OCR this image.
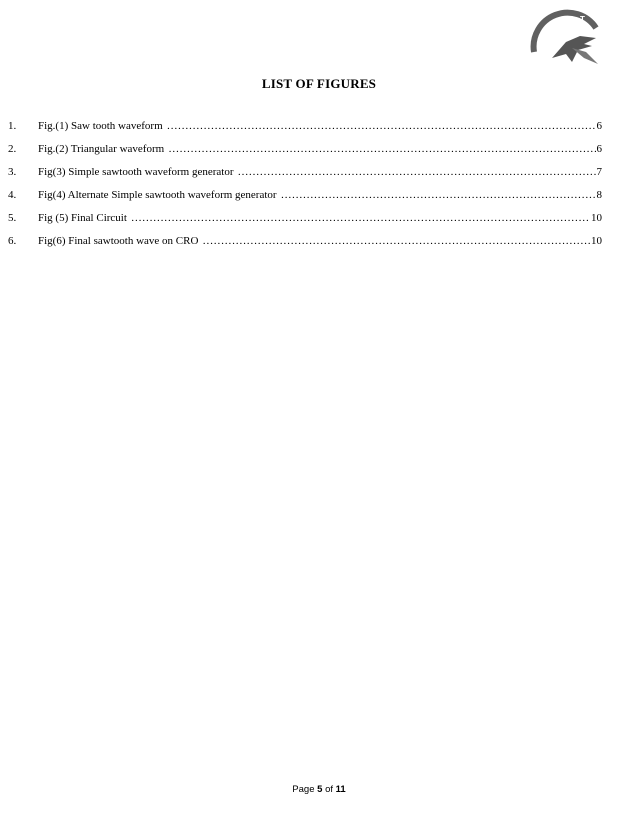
S
B
I T
LIST OF FIGURES
1.	Fig.(1) Saw tooth waveform ……………………………………………………………………………………………………………………………………………………………………………………	6
2.	Fig.(2) Triangular waveform ……………………………………………………………………………………………………………………………………………………………………………………	6
3.	Fig(3) Simple sawtooth waveform generator ……………………………………………………………………………………………………………………………………………………………………………………	7
4.	Fig(4) Alternate Simple sawtooth waveform generator ……………………………………………………………………………………………………………………………………………………………………………………	8
5.	Fig (5) Final Circuit ……………………………………………………………………………………………………………………………………………………………………………………	10
6.	Fig(6) Final sawtooth wave on CRO ……………………………………………………………………………………………………………………………………………………………………………………	10
Page 5 of 11
